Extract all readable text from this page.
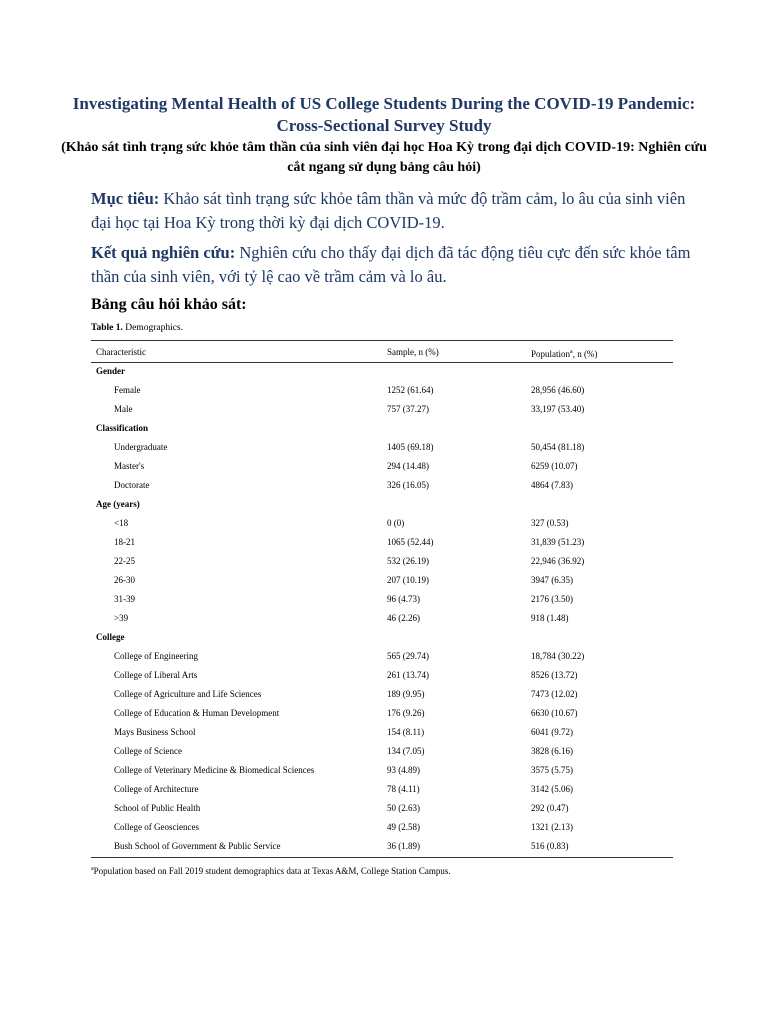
Investigating Mental Health of US College Students During the COVID-19 Pandemic: Cross-Sectional Survey Study
(Khảo sát tình trạng sức khỏe tâm thần của sinh viên đại học Hoa Kỳ trong đại dịch COVID-19: Nghiên cứu cắt ngang sử dụng bảng câu hỏi)
Mục tiêu: Khảo sát tình trạng sức khỏe tâm thần và mức độ trầm cảm, lo âu của sinh viên đại học tại Hoa Kỳ trong thời kỳ đại dịch COVID-19.
Kết quả nghiên cứu: Nghiên cứu cho thấy đại dịch đã tác động tiêu cực đến sức khỏe tâm thần của sinh viên, với tỷ lệ cao về trầm cảm và lo âu.
Bảng câu hỏi khảo sát:
Table 1. Demographics.
Characteristic	Sample, n (%)	Population$^a$, n (%)
Gender
Female	1252 (61.64)	28,956 (46.60)
Male	757 (37.27)	33,197 (53.40)
Classification
Undergraduate	1405 (69.18)	50,454 (81.18)
Master's	294 (14.48)	6259 (10.07)
Doctorate	326 (16.05)	4864 (7.83)
Age (years)
<18	0 (0)	327 (0.53)
18-21	1065 (52.44)	31,839 (51.23)
22-25	532 (26.19)	22,946 (36.92)
26-30	207 (10.19)	3947 (6.35)
31-39	96 (4.73)	2176 (3.50)
>39	46 (2.26)	918 (1.48)
College
College of Engineering	565 (29.74)	18,784 (30.22)
College of Liberal Arts	261 (13.74)	8526 (13.72)
College of Agriculture and Life Sciences	189 (9.95)	7473 (12.02)
College of Education & Human Development	176 (9.26)	6630 (10.67)
Mays Business School	154 (8.11)	6041 (9.72)
College of Science	134 (7.05)	3828 (6.16)
College of Veterinary Medicine & Biomedical Sciences	93 (4.89)	3575 (5.75)
College of Architecture	78 (4.11)	3142 (5.06)
School of Public Health	50 (2.63)	292 (0.47)
College of Geosciences	49 (2.58)	1321 (2.13)
Bush School of Government & Public Service	36 (1.89)	516 (0.83)
$^a$Population based on Fall 2019 student demographics data at Texas A&M, College Station Campus.
